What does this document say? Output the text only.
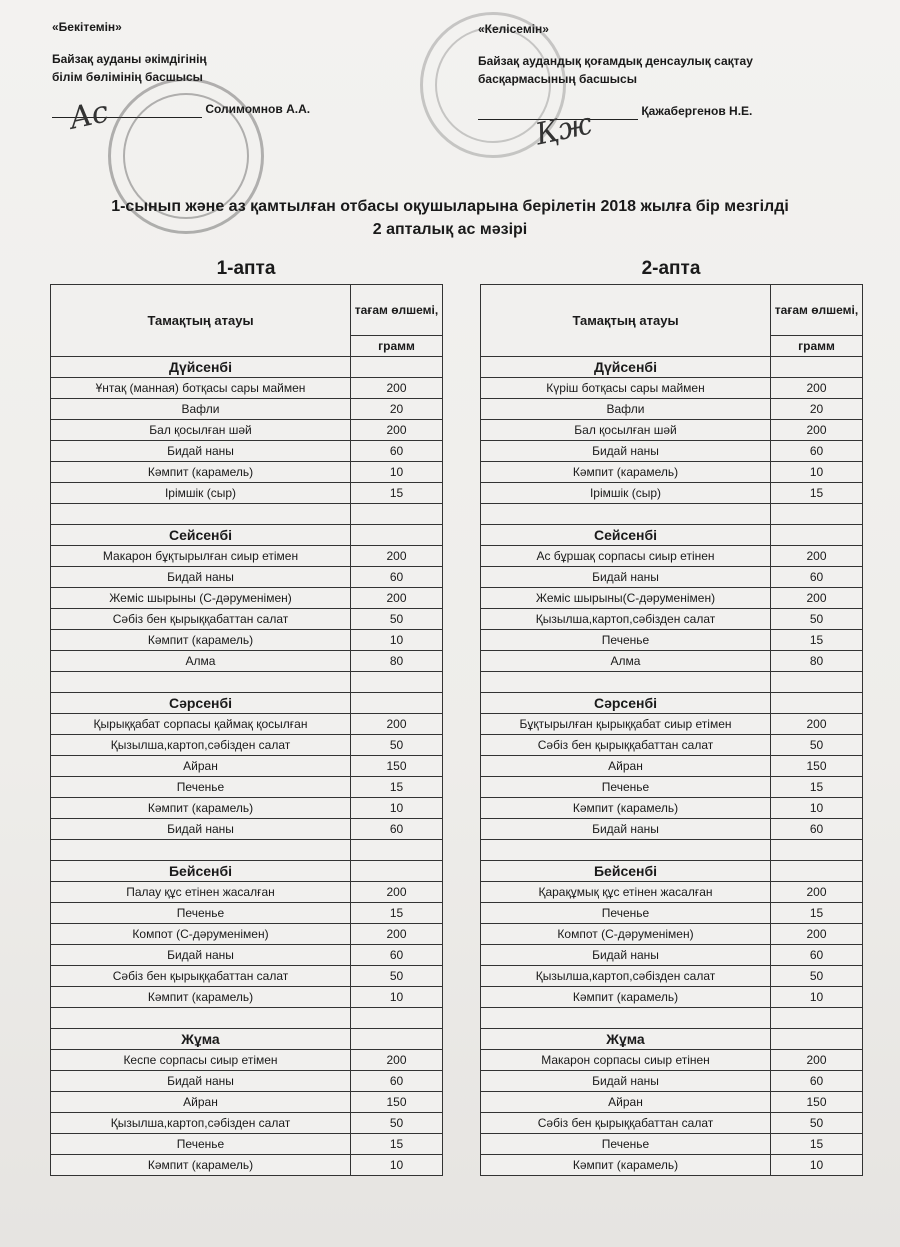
«Бекітемін»
Байзақ ауданы әкімдігінің
білім бөлімінің басшысы
Солимомнов А.А.
«Келісемін»
Байзақ аудандық қоғамдық денсаулық сақтау
басқармасының басшысы
Қажабергенов Н.Е.
Ac	Қж
1-сынып және аз қамтылған отбасы оқушыларына берілетін 2018 жылға бір мезгілді
2 апталық ас мәзірі
1-апта	2-апта
Тамақтың атауы	тағам өлшемі,
	грамм
Дүйсенбі	
Ұнтақ (манная) ботқасы сары маймен	200
Вафли	20
Бал қосылған шәй	200
Бидай наны	60
Кәмпит (карамель)	10
Ірімшік (сыр)	15

Сейсенбі	
Макарон бұқтырылған сиыр етімен	200
Бидай наны	60
Жеміс шырыны (С-дәруменімен)	200
Сәбіз бен қырыққабаттан салат	50
Кәмпит (карамель)	10
Алма	80

Сәрсенбі	
Қырыққабат сорпасы қаймақ қосылған	200
Қызылша,картоп,сәбізден салат	50
Айран	150
Печенье	15
Кәмпит (карамель)	10
Бидай наны	60

Бейсенбі	
Палау құс етінен жасалған	200
Печенье	15
Компот (С-дәруменімен)	200
Бидай наны	60
Сәбіз бен қырыққабаттан салат	50
Кәмпит (карамель)	10

Жұма	
Кеспе сорпасы сиыр етімен	200
Бидай наны	60
Айран	150
Қызылша,картоп,сәбізден салат	50
Печенье	15
Кәмпит (карамель)	10
Тамақтың атауы	тағам өлшемі,
	грамм
Дүйсенбі	
Күріш ботқасы сары маймен	200
Вафли	20
Бал қосылған шәй	200
Бидай наны	60
Кәмпит (карамель)	10
Ірімшік (сыр)	15

Сейсенбі	
Ас бұршақ сорпасы сиыр етінен	200
Бидай наны	60
Жеміс шырыны(С-дәруменімен)	200
Қызылша,картоп,сәбізден салат	50
Печенье	15
Алма	80

Сәрсенбі	
Бұқтырылған қырыққабат сиыр етімен	200
Сәбіз бен қырыққабаттан салат	50
Айран	150
Печенье	15
Кәмпит (карамель)	10
Бидай наны	60

Бейсенбі	
Қарақұмық құс етінен жасалған	200
Печенье	15
Компот (С-дәруменімен)	200
Бидай наны	60
Қызылша,картоп,сәбізден салат	50
Кәмпит (карамель)	10

Жұма	
Макарон сорпасы сиыр етінен	200
Бидай наны	60
Айран	150
Сәбіз бен қырыққабаттан салат	50
Печенье	15
Кәмпит (карамель)	10
